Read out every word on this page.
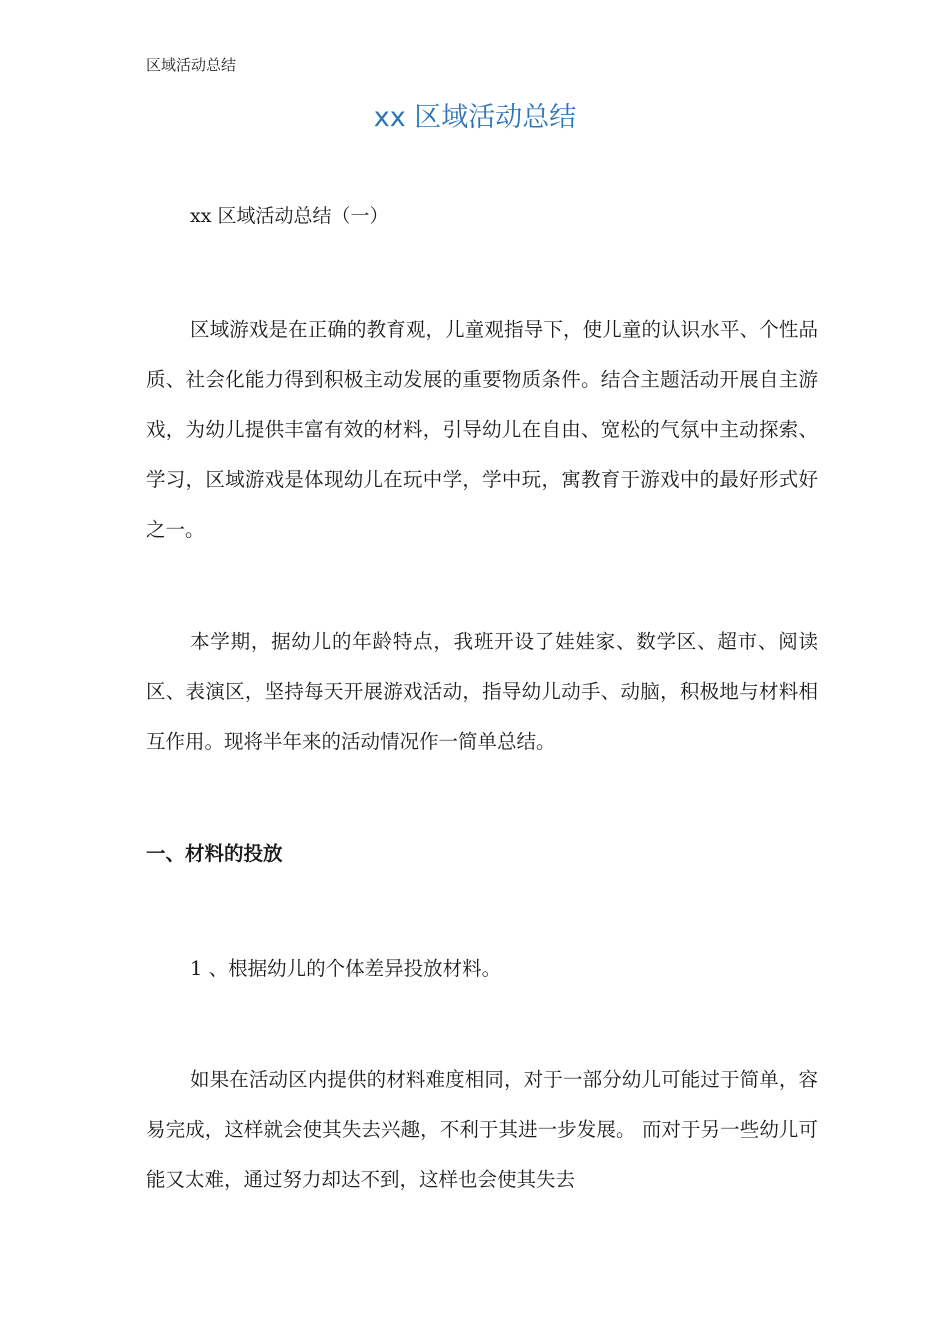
区域活动总结
xx 区域活动总结
xx 区域活动总结（一）

区域游戏是在正确的教育观，儿童观指导下，使儿童的认识水平、个性品质、社会化能力得到积极主动发展的重要物质条件。结合主题活动开展自主游戏，为幼儿提供丰富有效的材料，引导幼儿在自由、宽松的气氛中主动探索、学习，区域游戏是体现幼儿在玩中学，学中玩，寓教育于游戏中的最好形式好之一。

本学期，据幼儿的年龄特点，我班开设了娃娃家、数学区、超市、阅读区、表演区，坚持每天开展游戏活动，指导幼儿动手、动脑，积极地与材料相互作用。现将半年来的活动情况作一简单总结。

一、材料的投放
1 、根据幼儿的个体差异投放材料。

如果在活动区内提供的材料难度相同，对于一部分幼儿可能过于简单，容易完成，这样就会使其失去兴趣，不利于其进一步发展。 而对于另一些幼儿可能又太难，通过努力却达不到，这样也会使其失去
